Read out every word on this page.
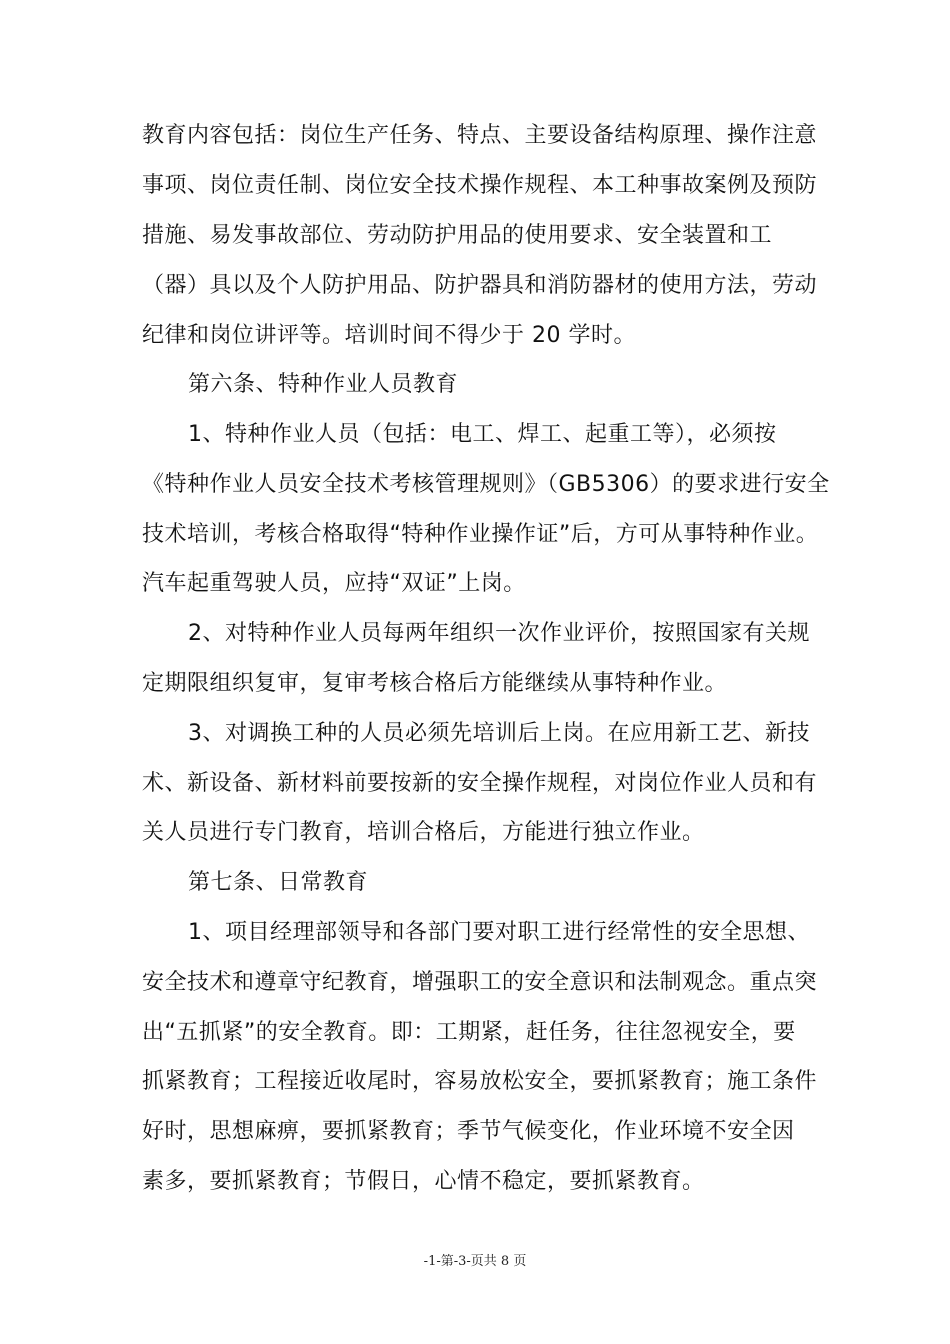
教育内容包括：岗位生产任务、特点、主要设备结构原理、操作注意
事项、岗位责任制、岗位安全技术操作规程、本工种事故案例及预防
措施、易发事故部位、劳动防护用品的使用要求、安全装置和工
（器）具以及个人防护用品、防护器具和消防器材的使用方法，劳动
纪律和岗位讲评等。培训时间不得少于 20 学时。
第六条、特种作业人员教育
1、特种作业人员（包括：电工、焊工、起重工等），必须按
《特种作业人员安全技术考核管理规则》（GB5306）的要求进行安全
技术培训，考核合格取得“特种作业操作证”后，方可从事特种作业。
汽车起重驾驶人员，应持“双证”上岗。
2、对特种作业人员每两年组织一次作业评价，按照国家有关规
定期限组织复审，复审考核合格后方能继续从事特种作业。
3、对调换工种的人员必须先培训后上岗。在应用新工艺、新技
术、新设备、新材料前要按新的安全操作规程，对岗位作业人员和有
关人员进行专门教育，培训合格后，方能进行独立作业。
第七条、日常教育
1、项目经理部领导和各部门要对职工进行经常性的安全思想、
安全技术和遵章守纪教育，增强职工的安全意识和法制观念。重点突
出“五抓紧”的安全教育。即：工期紧，赶任务，往往忽视安全，要
抓紧教育；工程接近收尾时，容易放松安全，要抓紧教育；施工条件
好时，思想麻痹，要抓紧教育；季节气候变化，作业环境不安全因
素多，要抓紧教育；节假日，心情不稳定，要抓紧教育。
-1-第-3-页共 8 页
